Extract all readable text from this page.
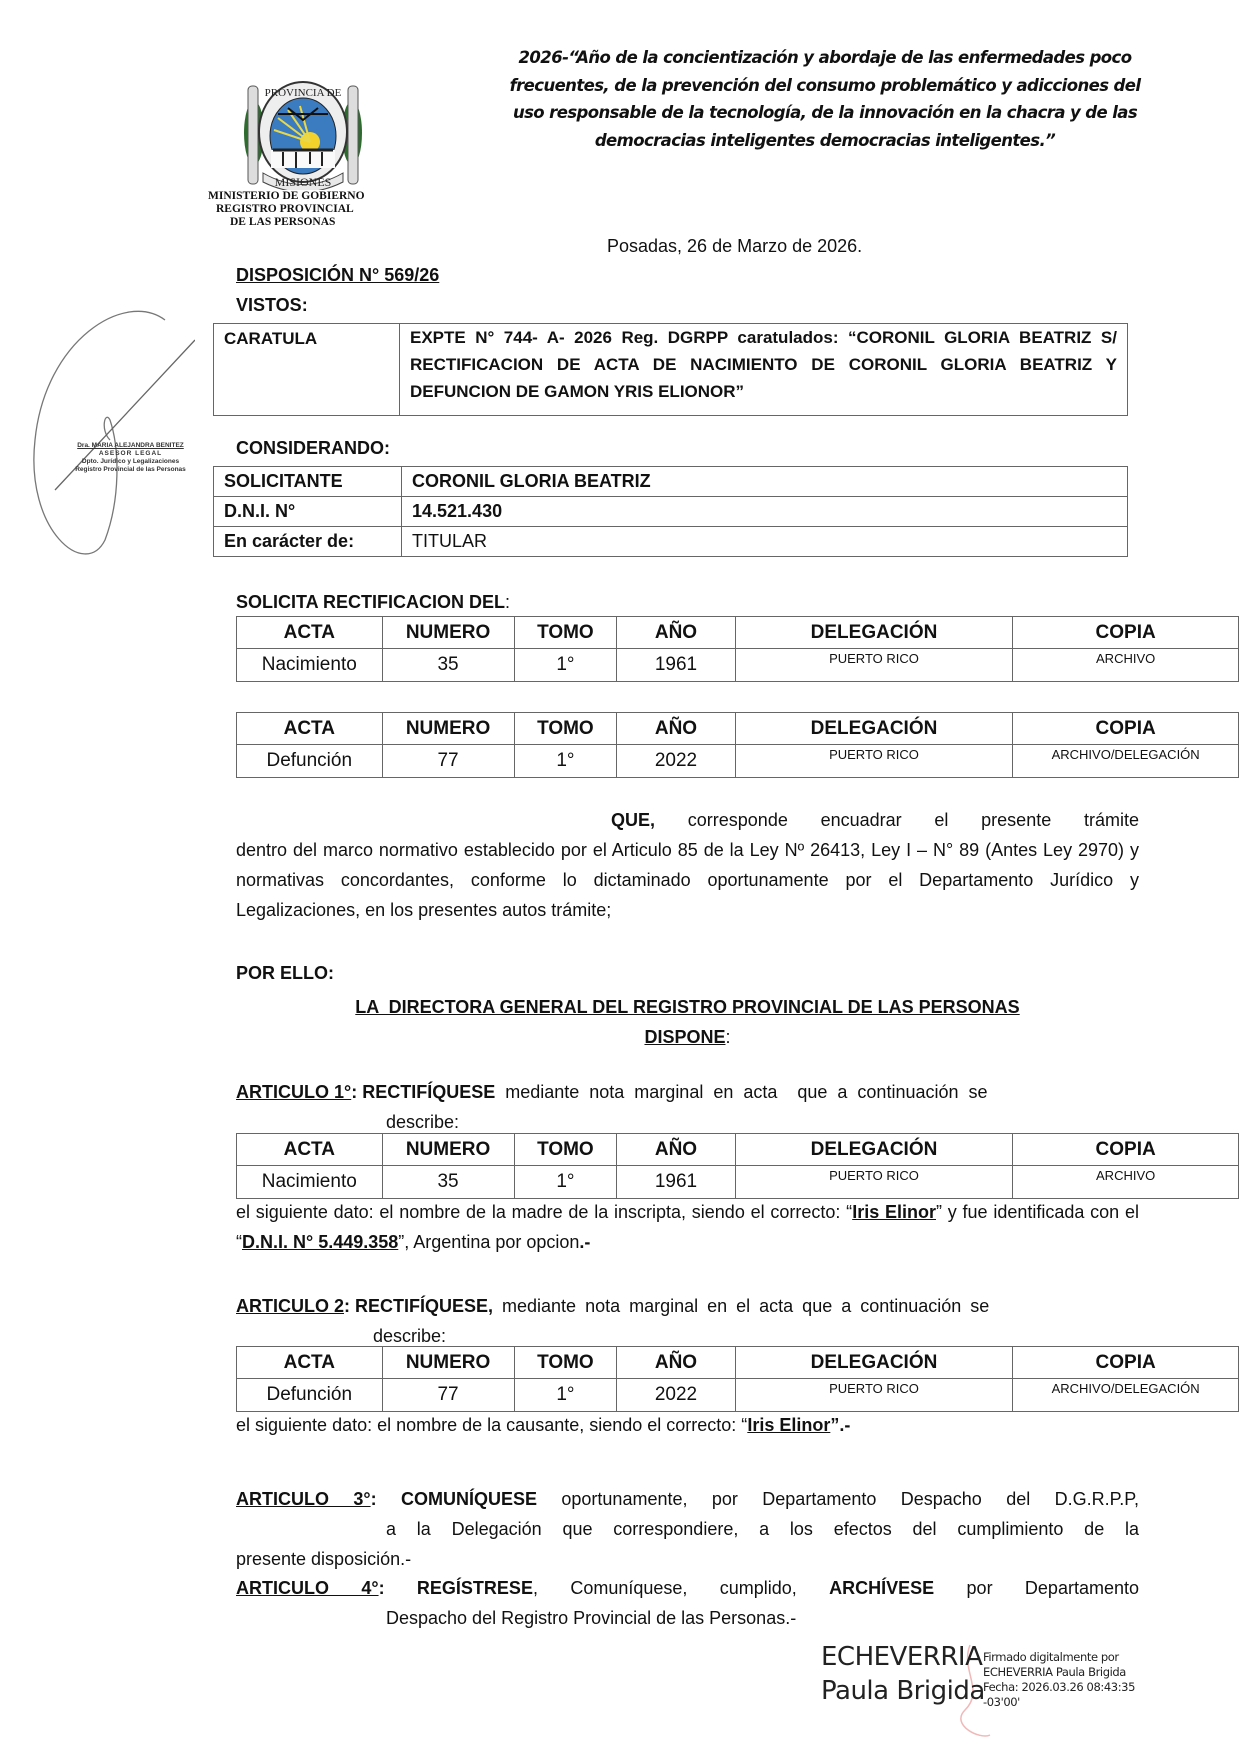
2026-“Año de la concientización y abordaje de las enfermedades poco
frecuentes, de la prevención del consumo problemático y adicciones del
uso responsable de la tecnología, de la innovación en la chacra y de las
democracias inteligentes democracias inteligentes.”
PROVINCIA DE
MISIONES
MINISTERIO DE GOBIERNO
REGISTRO PROVINCIAL
DE LAS PERSONAS
Dra. MARIA ALEJANDRA BENITEZ
ASESOR LEGAL
Dpto. Jurídico y Legalizaciones
Registro Provincial de las Personas
Posadas, 26 de Marzo de 2026.
DISPOSICIÓN N° 569/26
VISTOS:
CARATULA	EXPTE N° 744- A- 2026 Reg. DGRPP caratulados: “CORONIL GLORIA BEATRIZ S/ RECTIFICACION DE ACTA DE NACIMIENTO DE CORONIL GLORIA BEATRIZ Y DEFUNCION DE GAMON YRIS ELIONOR”
CONSIDERANDO:
SOLICITANTE	CORONIL GLORIA BEATRIZ
D.N.I. N°	14.521.430
En carácter de:	TITULAR
SOLICITA RECTIFICACION DEL:
ACTA	NUMERO	TOMO	AÑO	DELEGACIÓN	COPIA
Nacimiento	35	1°	1961	PUERTO RICO	ARCHIVO
ACTA	NUMERO	TOMO	AÑO	DELEGACIÓN	COPIA
Defunción	77	1°	2022	PUERTO RICO	ARCHIVO/DELEGACIÓN
QUE, corresponde encuadrar el presente trámite
dentro del marco normativo establecido por el Articulo 85 de la Ley Nº 26413, Ley I – N° 89 (Antes Ley 2970) y normativas concordantes, conforme lo dictaminado oportunamente por el Departamento Jurídico y Legalizaciones, en los presentes autos trámite;
POR ELLO:
LA  DIRECTORA GENERAL DEL REGISTRO PROVINCIAL DE LAS PERSONAS
DISPONE:
ARTICULO 1°: RECTIFÍQUESE mediante nota marginal en acta  que a continuación se
describe:
ACTA	NUMERO	TOMO	AÑO	DELEGACIÓN	COPIA
Nacimiento	35	1°	1961	PUERTO RICO	ARCHIVO
el siguiente dato: el nombre de la madre de la inscripta, siendo el correcto: “Iris Elinor” y fue identificada con el “D.N.I. N° 5.449.358”, Argentina por opcion.-
ARTICULO 2: RECTIFÍQUESE, mediante nota marginal en el acta que a continuación se
describe:
ACTA	NUMERO	TOMO	AÑO	DELEGACIÓN	COPIA
Defunción	77	1°	2022	PUERTO RICO	ARCHIVO/DELEGACIÓN
el siguiente dato: el nombre de la causante, siendo el correcto: “Iris Elinor”.-
ARTICULO 3°: COMUNÍQUESE oportunamente, por Departamento Despacho del D.G.R.P.P,
a la Delegación que correspondiere, a los efectos del cumplimiento de la
presente disposición.-
ARTICULO 4°: REGÍSTRESE, Comuníquese, cumplido, ARCHÍVESE por Departamento
Despacho del Registro Provincial de las Personas.-
ECHEVERRIA
Paula Brigida
Firmado digitalmente por
ECHEVERRIA Paula Brigida
Fecha: 2026.03.26 08:43:35
-03'00'
